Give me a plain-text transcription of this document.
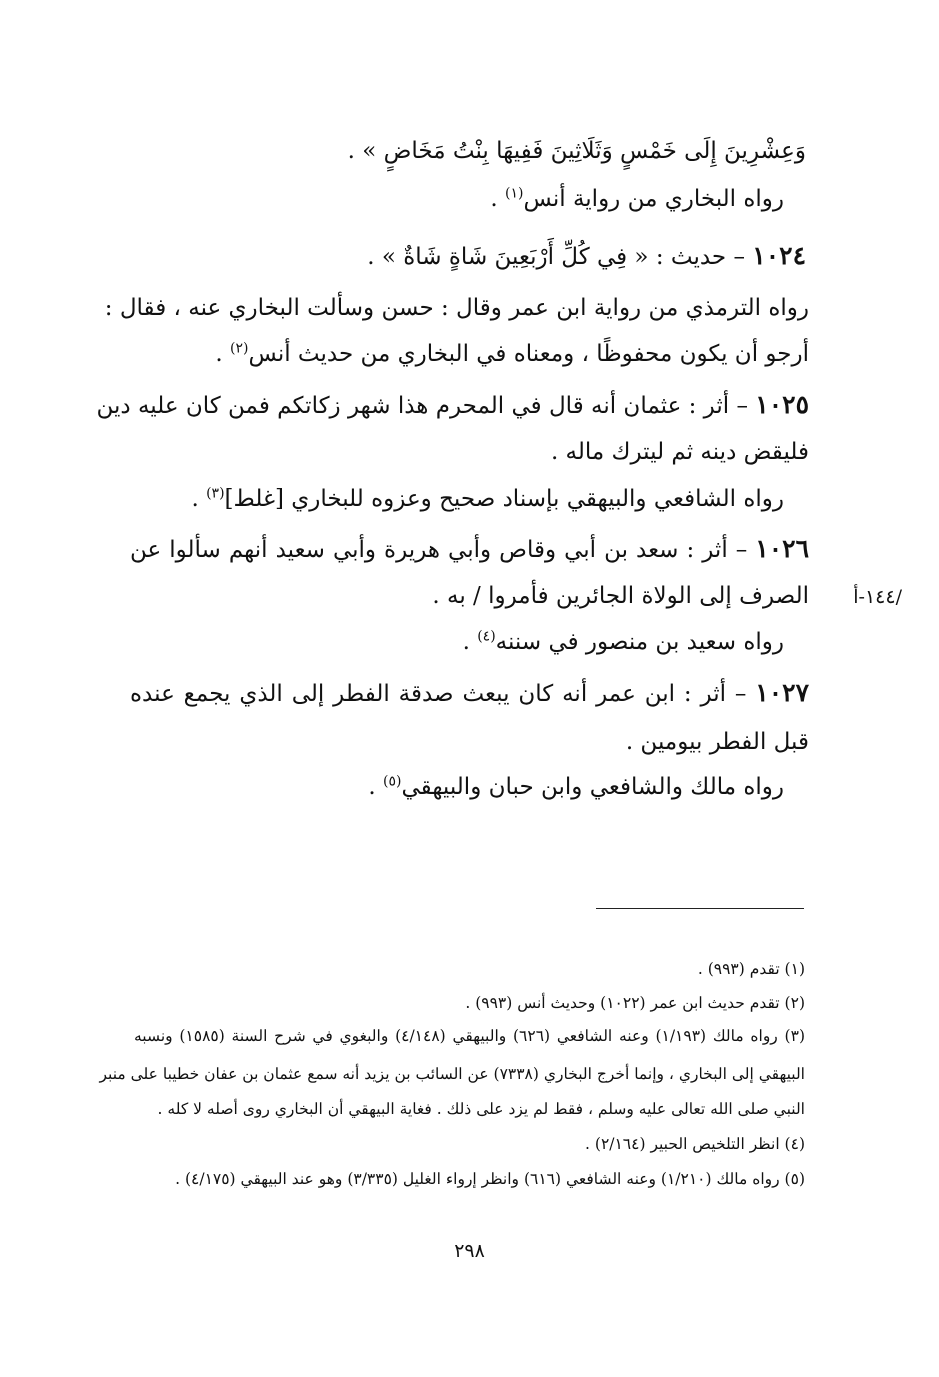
وَعِشْرِينَ إِلَى خَمْسٍ وَثَلَاثِينَ فَفِيهَا بِنْتُ مَخَاضٍ » .
رواه البخاري من رواية أنس$^{(١)}$ .
١٠٢٤ – حديث : « فِي كُلِّ أَرْبَعِينَ شَاةٍ شَاةٌ » .
رواه الترمذي من رواية ابن عمر وقال : حسن وسألت البخاري عنه ، فقال :
أرجو أن يكون محفوظًا ، ومعناه في البخاري من حديث أنس$^{(٢)}$ .
١٠٢٥ – أثر : عثمان أنه قال في المحرم هذا شهر زكاتكم فمن كان عليه دين
فليقض دينه ثم ليترك ماله .
رواه الشافعي والبيهقي بإسناد صحيح وعزوه للبخاري [غلط]$^{(٣)}$ .
١٠٢٦ – أثر : سعد بن أبي وقاص وأبي هريرة وأبي سعيد أنهم سألوا عن
الصرف إلى الولاة الجائرين فأمروا / به .	/١٤٤-أ
رواه سعيد بن منصور في سننه$^{(٤)}$ .
١٠٢٧ – أثر : ابن عمر أنه كان يبعث صدقة الفطر إلى الذي يجمع عنده
قبل الفطر بيومين .
رواه مالك والشافعي وابن حبان والبيهقي$^{(٥)}$ .
(١) تقدم (٩٩٣) .
(٢) تقدم حديث ابن عمر (١٠٢٢) وحديث أنس (٩٩٣) .
(٣) رواه مالك (١/١٩٣) وعنه الشافعي (٦٢٦) والبيهقي (٤/١٤٨) والبغوي في شرح السنة (١٥٨٥) ونسبه
البيهقي إلى البخاري ، وإنما أخرج البخاري (٧٣٣٨) عن السائب بن يزيد أنه سمع عثمان بن عفان خطيبا على منبر
النبي صلى الله تعالى عليه وسلم ، فقط لم يزد على ذلك . فغاية البيهقي أن البخاري روى أصله لا كله .
(٤) انظر التلخيص الحبير (٢/١٦٤) .
(٥) رواه مالك (١/٢١٠) وعنه الشافعي (٦١٦) وانظر إرواء الغليل (٣/٣٣٥) وهو عند البيهقي (٤/١٧٥) .
٢٩٨
